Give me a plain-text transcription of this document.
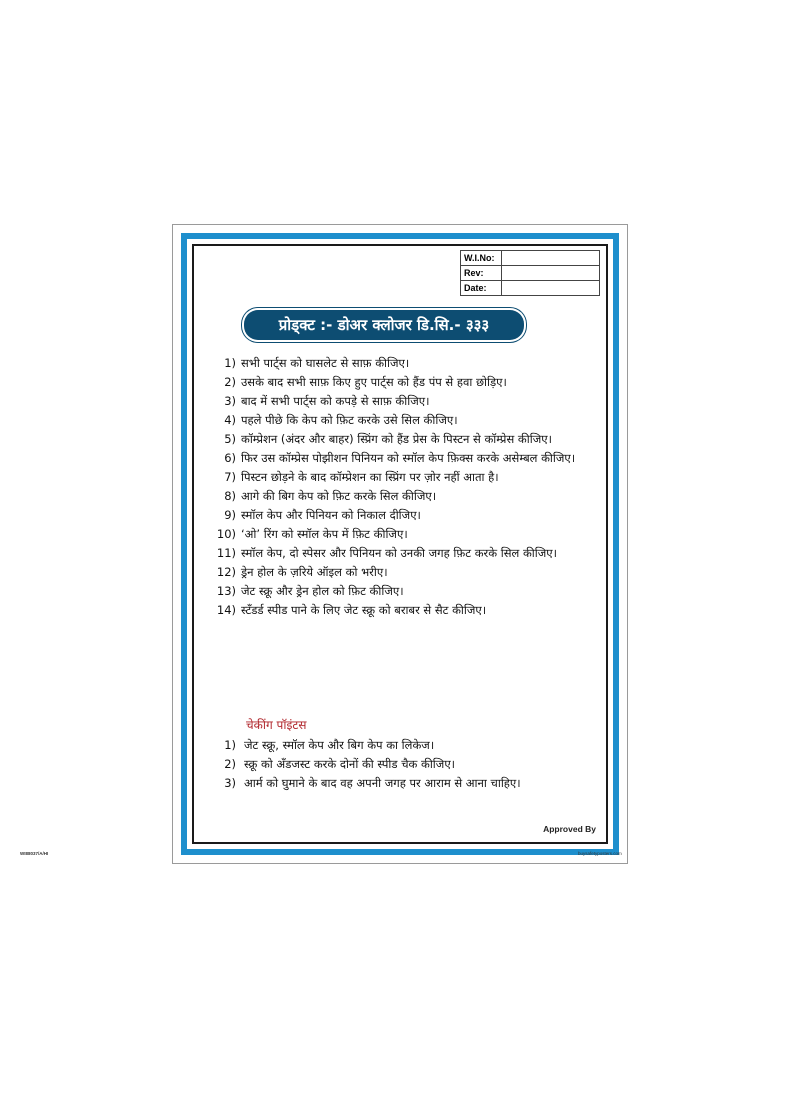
W.I.No:	
Rev:	
Date:	
प्रोड्क्ट :- डोअर क्लोजर डि.सि.- ३३३
1) सभी पार्ट्स को घासलेट से साफ़ कीजिए।
2) उसके बाद सभी साफ़ किए हुए पार्ट्स को हैंड पंप से हवा छोड़िए।
3) बाद में सभी पार्ट्स को कपड़े से साफ़ कीजिए।
4) पहले पीछे कि केप को फ़िट करके उसे सिल कीजिए।
5) कॉम्प्रेशन (अंदर और बाहर) स्प्रिंग को हैंड प्रेस के पिस्टन से कॉम्प्रेस कीजिए।
6) फिर उस कॉम्प्रेस पोझीशन पिनियन को स्मॉल केप फ़िक्स करके असेम्बल कीजिए।
7) पिस्टन छोड़ने के बाद कॉम्प्रेशन का स्प्रिंग पर ज़ोर नहीं आता है।
8) आगे की बिग केप को फ़िट करके सिल कीजिए।
9) स्मॉल केप और पिनियन को निकाल दीजिए।
10) ‘ओ’ रिंग को स्मॉल केप में फ़िट कीजिए।
11) स्मॉल केप, दो स्पेसर और पिनियन को उनकी जगह फ़िट करके सिल कीजिए।
12) ड्रेन होल के ज़रिये ऑइल को भरीए।
13) जेट स्क्रू और ड्रेन होल को फ़िट कीजिए।
14) स्टँडर्ड स्पीड पाने के लिए जेट स्क्रू को बराबर से सैट कीजिए।
चेकींग पॉइंटस
1) जेट स्क्रू, स्मॉल केप और बिग केप का लिकेज।
2) स्क्रू को अँडजस्ट करके दोनों की स्पीड चैक कीजिए।
3) आर्म को घुमाने के बाद वह अपनी जगह पर आराम से आना चाहिए।
Approved By
WI88037/A/HI	buysafetyposters.com
